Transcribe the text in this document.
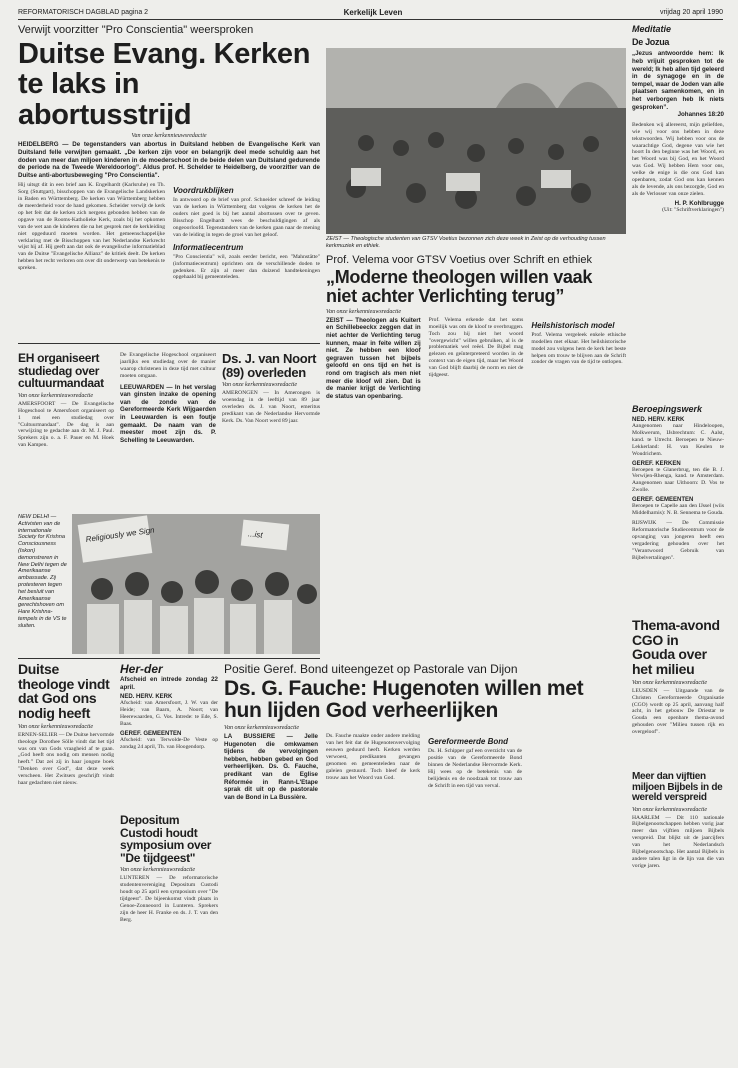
REFORMATORISCH DAGBLAD pagina 2	Kerkelijk Leven	vrijdag 20 april 1990
Verwijt voorzitter "Pro Conscientia" weersproken
Duitse Evang. Kerken te laks in abortusstrijd
Van onze kerkennieuwsredactie
HEIDELBERG — De tegenstanders van abortus in Duitsland hebben de Evangelische Kerk van Duitsland felle verwijten gemaakt. „De kerken zijn voor en belangrijk deel mede schuldig aan het doden van meer dan miljoen kinderen in de moederschoot in de beide delen van Duitsland gedurende de periode na de Tweede Wereldoorlog”. Aldus prof. H. Schelder te Heidelberg, de voorzitter van de Duitse anti-abortusbeweging "Pro Conscientia".
Hij uitsgt dit in een brief aan K. Engelhardt (Karlsruhe) en Th. Sorg (Stuttgart), bisschoppen van de Evangelische Landskerken in Baden en Württemberg. De kerken van Württemberg hebben de meerderheid voor de hand gekomen. Scheider verwijt de kerk op het feit dat de kerken zich nergens gebonden hebben van de opgave van de Rooms-Katholieke Kerk, zoals bij het opkomen van de wet aan de kinderen die na het gesprek met de kerkleiding niet opgeduurd moeten worden. Het gemeenschappelijke verklaring met de Bisschoppen van het Nederlandse Kerkrecht wijst hij af. Hij geeft aan dat ook de evangelische informatieblad van de Duitse "Evangelische Allianz" de kritiek deelt. De kerken hebben het recht verloren om over dit onderwerp van betekenis te spreken.
Voordrukblijken
In antwoord op de brief van prof. Schneider schreef de leiding van de kerken in Württemberg dat volgens de kerken het de ouders niet goed is bij het aantal abortussen over te geven. Bisschop Engelhardt wees de beschuldigingen af als ongeoorloofd. Tegenstanders van de kerken gaan naar de mening van de leiding in tegen de groei van het geloof.
Informatiecentrum
"Pro Conscientia" wil, zoals eerder bericht, een "Mahnstätte" (informatiecentrum) oprichten om de verschillende doden te gedenken. Er zijn al meer dan duizend handtekeningen opgehaald bij gemeenteleden.
ZEIST — Theologische studenten van GTSV Voetius bezonnen zich deze week in Zeist op de verhouding tussen kerkmuziek en ethiek.
Prof. Velema voor GTSV Voetius over Schrift en ethiek
„Moderne theologen willen vaak niet achter Verlichting terug”
Van onze kerkennieuwsredactie
ZEIST — Theologen als Kuitert en Schillebeeckx zeggen dat in niet achter de Verlichting terug kunnen, maar in feite willen zij niet. Ze hebben een kloof gegraven tussen het bijbels geloofd en ons tijd en het is rond om tragisch als men niet meer die kloof wil zien. Dat is de manier krijgt de Verlichting de status van openbaring.
Prof. Velema erkende dat het soms moeilijk was om de kloof te overbruggen. Toch zou hij niet het woord "overgewicht" willen gebruiken, al is de problematiek wel reëel. De Bijbel mag gelezen en geïnterpreteerd worden in de context van de eigen tijd, maar het Woord van God blijft daarbij de norm en niet de tijdgeest.
Heilshistorisch model
Prof. Velema vergeleek enkele ethische modellen met elkaar. Het heilshistorische model zou volgens hem de kerk het beste helpen om trouw te blijven aan de Schrift zonder de vragen van de tijd te ontlopen.
Meditatie
De Jozua
„Jezus antwoordde hem: Ik heb vrijuit gesproken tot de wereld; Ik heb allen tijd geleerd in de synagoge en in de tempel, waar de Joden van alle plaatsen samenkomen, en in het verborgen heb Ik niets gesproken”.
Johannes 18:20
Bedenken wij allereerst, mijn geliefden, wie wij voor ons hebben in deze tekstwoorden. Wij hebben voor ons de waarachtige God, degene van wie het hoort In den beginne was het Woord, en het Woord was bij God, en het Woord was God. Wij hebben Hem voor ons, welke de enige is die ons God kan openbaren, zodat God ons kan kennen als de levende, als ons bezorgde, God en als de Verlosser van onze zielen.
H. P. Kohlbrugge
(Uit: "Schriftverklaringen")
Beroepingswerk
NED. HERV. KERK
Aangenomen naar Hindeloopen, Molkwerum, IJsbrechtum: C. Aalst, kand. te Utrecht. Beroepen te Nieuw-Lekkerland: H. van Keulen te Woudrichem.
GEREF. KERKEN
Beroepen te Glanerbrug, ten die B. J. Verwijen-Rhenga, kand. te Amsterdam. Aangenomen naar Uithoorn: D. Vos te Zwolle.
GEREF. GEMEENTEN
Beroepen te Capelle aan den IJssel (wiis Middelharnis): N. B. Sennema te Gouda.
RIJSWIJK — De Commissie Reformatorische Studiecentrum voor de opvanging van jongeren heeft een vergadering gehouden over het "Verantwoord Gebruik van Bijbelvertalingen".
Thema-avond CGO in Gouda over het milieu
Van onze kerkennieuwsredactie
LEUSDEN — Uitgaande van de Christen Gereformeerde Organisatie (CGO) wordt op 25 april, aanvang half acht, in het gebouw De Driestar te Gouda een openbare thema-avond gehouden over "Milieu tussen rijk en overgeloof".
Meer dan vijftien miljoen Bijbels in de wereld verspreid
Van onze kerkennieuwsredactie
HAARLEM — Dit 110 nationale Bijbelgenootschappen hebben vorig jaar meer dan vijftien miljoen Bijbels verspreid. Dat blijkt uit de jaarcijfers van het Nederlandsch Bijbelgenootschap. Het aantal Bijbels in andere talen ligt in de lijn van die van vorige jaren.
EH organiseert studiedag over cultuurmandaat
Van onze kerkennieuwsredactie
AMERSFOORT — De Evangelische Hogeschool te Amersfoort organiseert op 1 mei een studiedag over "Cultuurmandaat". De dag is aan verwijzing te gedachte aan dr. M. J. Paul. Sprekers zijn o. a. F. Pauer en M. Hoek van Kampen.
De Evangelische Hogeschool organiseert jaarlijks een studiedag over de manier waarop christenen in deze tijd met cultuur moeten omgaan.
LEEUWARDEN — In het verslag van ginsten inzake de opening van de zonde van de Gereformeerde Kerk Wijgaerden in Leeuwarden is een foutje gemaakt. De naam van de meester moet zijn ds. P. Schelling te Leeuwarden.
Ds. J. van Noort (89) overleden
Van onze kerkennieuwsredactie
AMERONGEN — In Amerongen is woensdag in de leeftijd van 89 jaar overleden ds. J. van Noort, emeritus predikant van de Nederlandse Hervormde Kerk. Ds. Van Noort werd 89 jaar.
NEW DELHI — Activisten van de internationale Society for Krishna Consciousness (Iskon) demonstreren in New Delhi tegen de Amerikaanse ambassade. Zij protesteren tegen het besluit van Amerikaanse gerechtshoven om Hare Krishna-tempels in de VS te sluiten.
Religiously we Sign	...ist
Duitse theologe vindt dat God ons nodig heeft
Van onze kerkennieuwsredactie
ERNEN-SELIER — De Duitse hervormde theologe Dorothee Sölle vindt dat het tijd was om van Gods vraagheid af te gaan. „God heeft ons nodig om mensen nodig heeft.” Dat zei zij in haar jongste boek "Denken over God", dat deze week verscheen. Het Zwitsers geschrijft vindt haar gedachten niet nieuw.
Her-der
Afscheid en intrede zondag 22 april.
NED. HERV. KERK
Afscheid: van Amersfoort, J. W. van der Heide; van Baarn, A. Noort; van Heerewaarden, G. Vos. Intrede: te Ede, S. Baas.
GEREF. GEMEENTEN
Afscheid: van Terwolde-De Veste op zondag 24 april, Th. van Hoogendorp.
Depositum Custodi houdt symposium over "De tijdgeest"
Van onze kerkennieuwsredactie
LUNTEREN — De reformatorische studentenvereniging Depositum Custodi houdt op 25 april een symposium over "De tijdgeest". De bijeenkomst vindt plaats in Genoe-Zonneoord in Lunteren. Sprekers zijn de heer H. Franke en ds. J. T. van den Berg.
Positie Geref. Bond uiteengezet op Pastorale van Dijon
Ds. G. Fauche: Hugenoten willen met hun lijden God verheerlijken
Van onze kerkennieuwsredactie
LA BUSSIERE — Jelle Hugenoten die omkwamen tijdens de vervolgingen hebben, hebben gebed en God verheerlijken. Ds. G. Fauche, predikant van de Eglise Réformée in Rann-L'Etape sprak dit uit op de pastorale van de Bond in La Bussière.
Ds. Fauche maakte onder andere melding van het feit dat de Hugenotenvervolging eeuwen geduurd heeft. Kerken werden verwoest, predikanten gevangen genomen en gemeenteleden naar de galeien gestuurd. Toch bleef de kerk trouw aan het Woord van God.
Gereformeerde Bond
Ds. H. Schipper gaf een overzicht van de positie van de Gereformeerde Bond binnen de Nederlandse Hervormde Kerk. Hij wees op de betekenis van de belijdenis en de noodzaak tot trouw aan de Schrift in een tijd van verval.
